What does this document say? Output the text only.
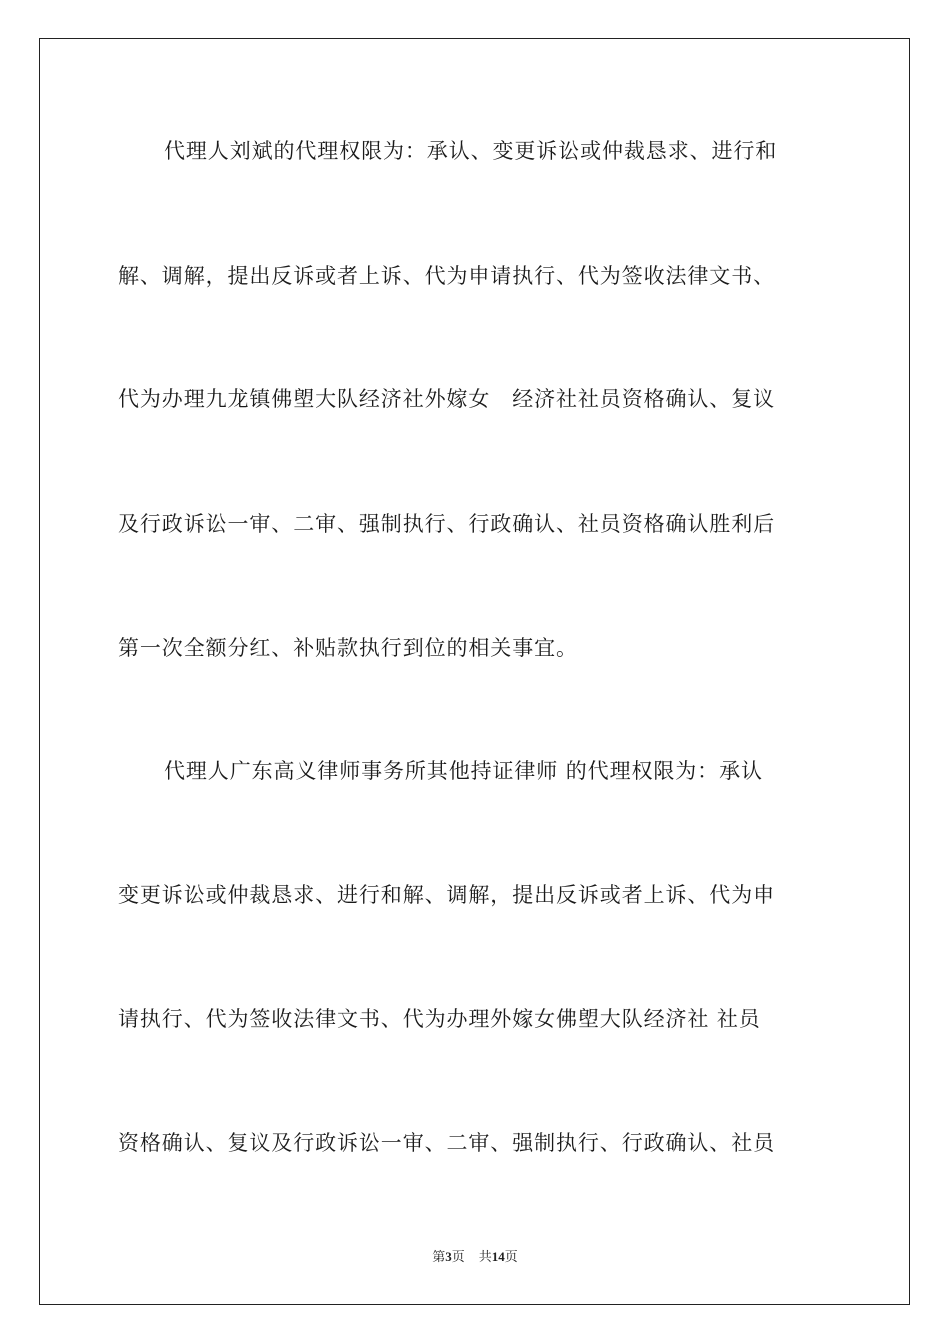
代理人刘斌的代理权限为：承认、变更诉讼或仲裁恳求、进行和
解、调解，提出反诉或者上诉、代为申请执行、代为签收法律文书、
代为办理九龙镇佛塱大队经济社外嫁女　经济社社员资格确认、复议
及行政诉讼一审、二审、强制执行、行政确认、社员资格确认胜利后
第一次全额分红、补贴款执行到位的相关事宜。
代理人广东高义律师事务所其他持证律师 的代理权限为：承认
变更诉讼或仲裁恳求、进行和解、调解，提出反诉或者上诉、代为申
请执行、代为签收法律文书、代为办理外嫁女佛塱大队经济社 社员
资格确认、复议及行政诉讼一审、二审、强制执行、行政确认、社员
第3页 共14页
